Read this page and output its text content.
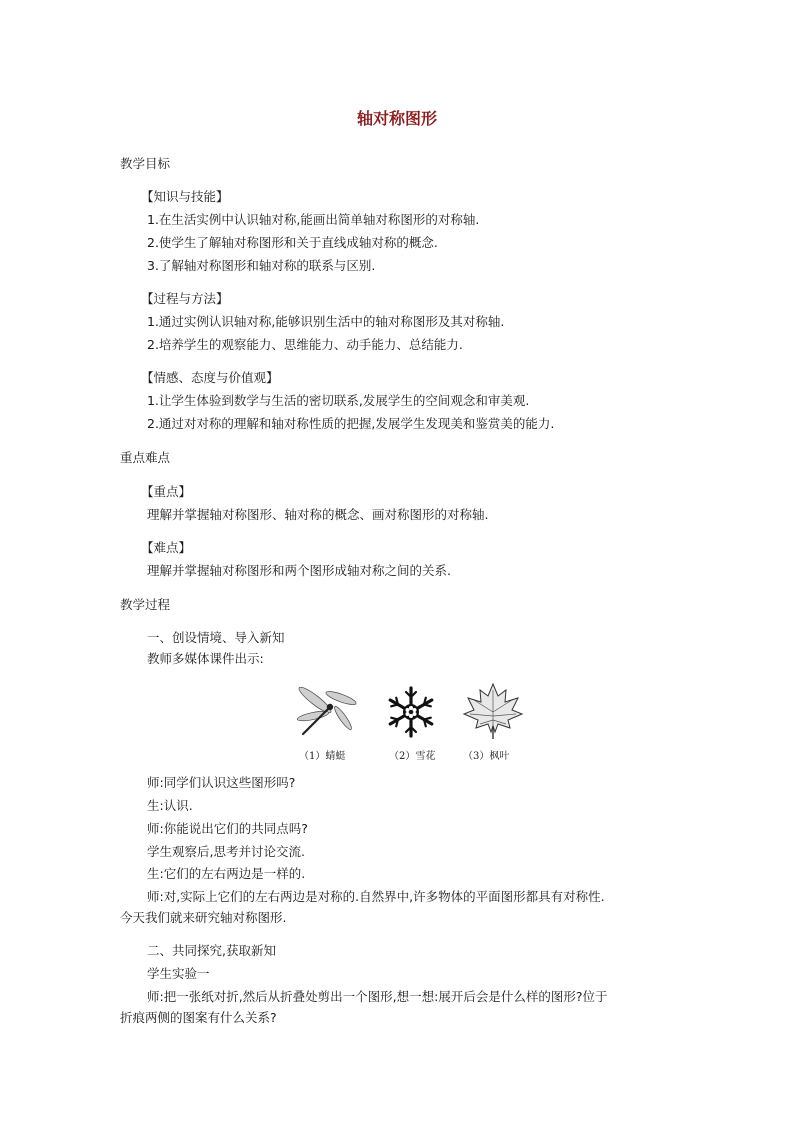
轴对称图形
教学目标
【知识与技能】
1.在生活实例中认识轴对称,能画出简单轴对称图形的对称轴.
2.使学生了解轴对称图形和关于直线成轴对称的概念.
3.了解轴对称图形和轴对称的联系与区别.
【过程与方法】
1.通过实例认识轴对称,能够识别生活中的轴对称图形及其对称轴.
2.培养学生的观察能力、思维能力、动手能力、总结能力.
【情感、态度与价值观】
1.让学生体验到数学与生活的密切联系,发展学生的空间观念和审美观.
2.通过对对称的理解和轴对称性质的把握,发展学生发现美和鉴赏美的能力.
重点难点
【重点】
理解并掌握轴对称图形、轴对称的概念、画对称图形的对称轴.
【难点】
理解并掌握轴对称图形和两个图形成轴对称之间的关系.
教学过程
一、创设情境、导入新知
教师多媒体课件出示:
（1）蜻蜓	（2）雪花	（3）枫叶
师:同学们认识这些图形吗?
生:认识.
师:你能说出它们的共同点吗?
学生观察后,思考并讨论交流.
生:它们的左右两边是一样的.
师:对,实际上它们的左右两边是对称的.自然界中,许多物体的平面图形都具有对称性.
今天我们就来研究轴对称图形.
二、共同探究,获取新知
学生实验一
师:把一张纸对折,然后从折叠处剪出一个图形,想一想:展开后会是什么样的图形?位于
折痕两侧的图案有什么关系?
